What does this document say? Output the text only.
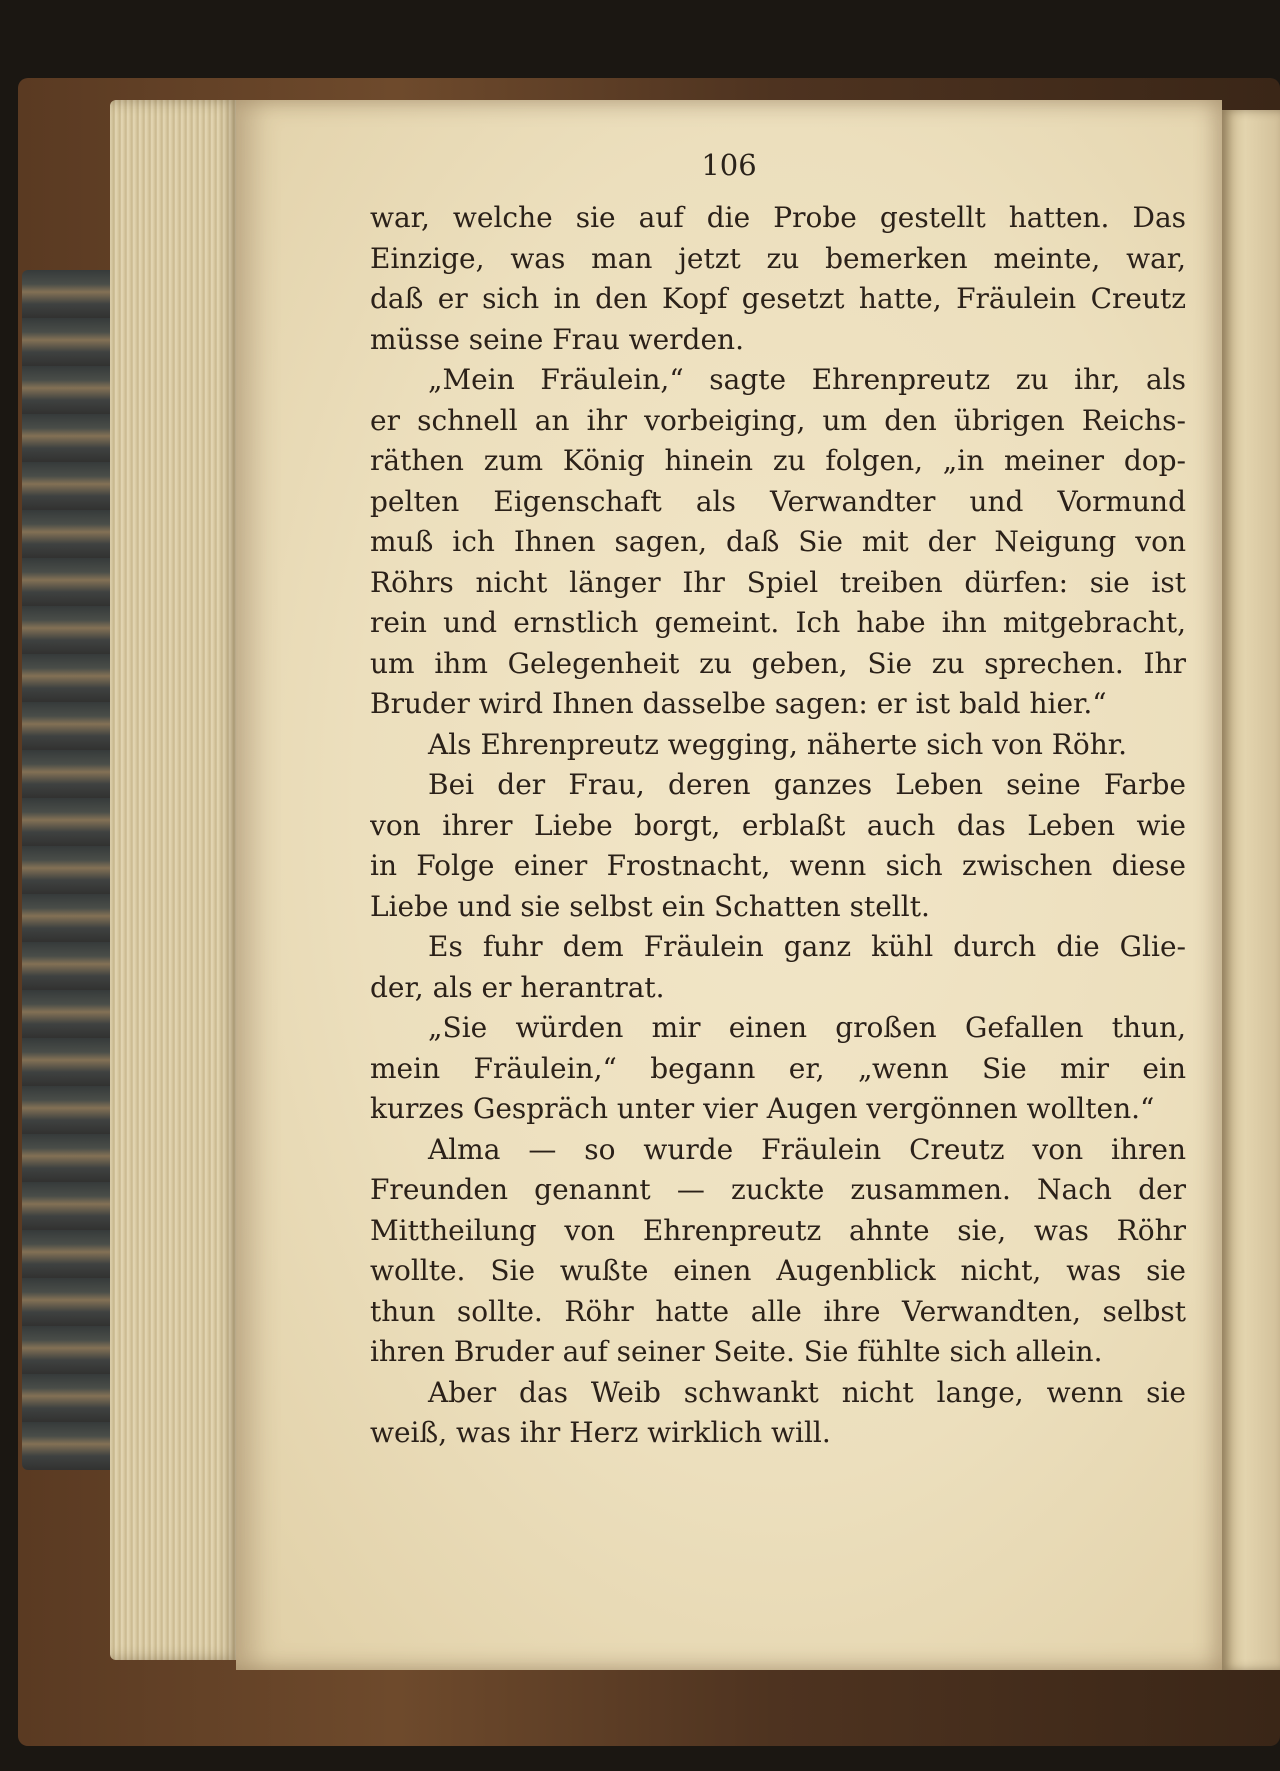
106
war, welche sie auf die Probe gestellt hatten. Das
Einzige, was man jetzt zu bemerken meinte, war,
daß er sich in den Kopf gesetzt hatte, Fräulein Creutz
müsse seine Frau werden.
„Mein Fräulein,“ sagte Ehrenpreutz zu ihr, als
er schnell an ihr vorbeiging, um den übrigen Reichs-
räthen zum König hinein zu folgen, „in meiner dop-
pelten Eigenschaft als Verwandter und Vormund
muß ich Ihnen sagen, daß Sie mit der Neigung von
Röhrs nicht länger Ihr Spiel treiben dürfen: sie ist
rein und ernstlich gemeint. Ich habe ihn mitgebracht,
um ihm Gelegenheit zu geben, Sie zu sprechen. Ihr
Bruder wird Ihnen dasselbe sagen: er ist bald hier.“
Als Ehrenpreutz wegging, näherte sich von Röhr.
Bei der Frau, deren ganzes Leben seine Farbe
von ihrer Liebe borgt, erblaßt auch das Leben wie
in Folge einer Frostnacht, wenn sich zwischen diese
Liebe und sie selbst ein Schatten stellt.
Es fuhr dem Fräulein ganz kühl durch die Glie-
der, als er herantrat.
„Sie würden mir einen großen Gefallen thun,
mein Fräulein,“ begann er, „wenn Sie mir ein
kurzes Gespräch unter vier Augen vergönnen wollten.“
Alma — so wurde Fräulein Creutz von ihren
Freunden genannt — zuckte zusammen. Nach der
Mittheilung von Ehrenpreutz ahnte sie, was Röhr
wollte. Sie wußte einen Augenblick nicht, was sie
thun sollte. Röhr hatte alle ihre Verwandten, selbst
ihren Bruder auf seiner Seite. Sie fühlte sich allein.
Aber das Weib schwankt nicht lange, wenn sie
weiß, was ihr Herz wirklich will.
